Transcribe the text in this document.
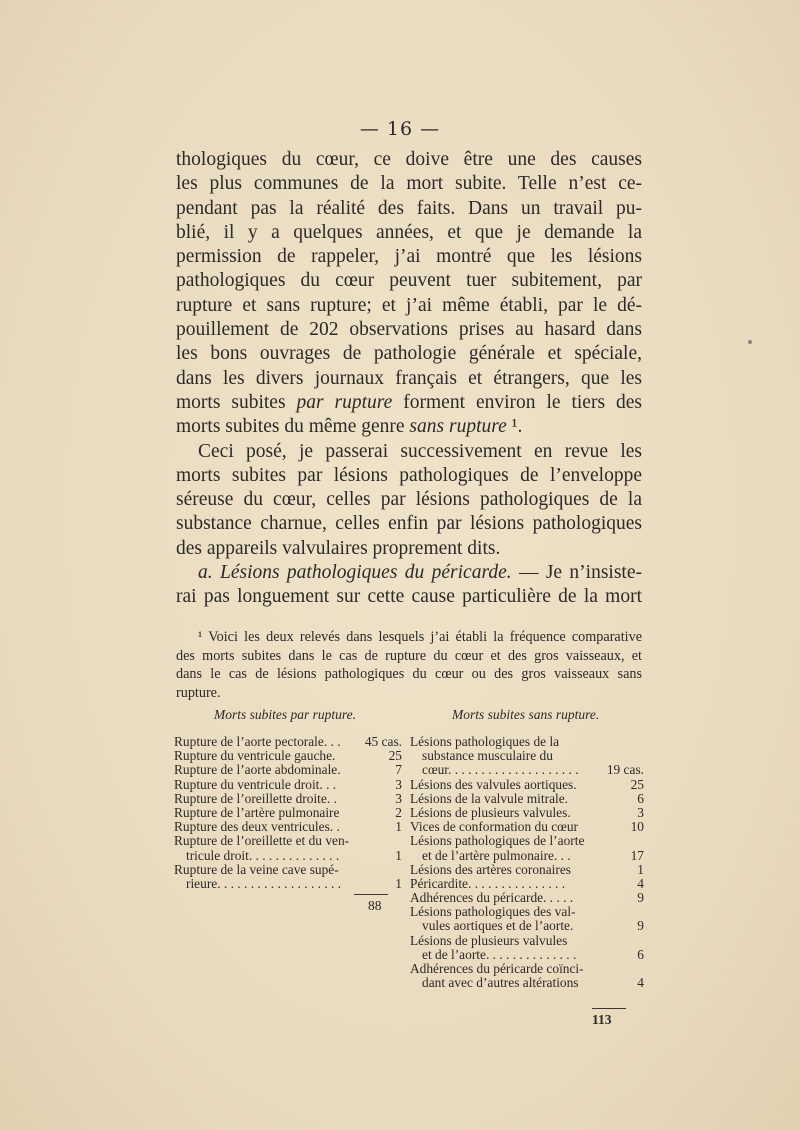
— 16 —
thologiques du cœur, ce doive être une des causes
les plus communes de la mort subite. Telle n’est ce-
pendant pas la réalité des faits. Dans un travail pu-
blié, il y a quelques années, et que je demande la
permission de rappeler, j’ai montré que les lésions
pathologiques du cœur peuvent tuer subitement, par
rupture et sans rupture; et j’ai même établi, par le dé-
pouillement de 202 observations prises au hasard dans
les bons ouvrages de pathologie générale et spéciale,
dans les divers journaux français et étrangers, que les
morts subites par rupture forment environ le tiers des
morts subites du même genre sans rupture ¹.
Ceci posé, je passerai successivement en revue les
morts subites par lésions pathologiques de l’enveloppe
séreuse du cœur, celles par lésions pathologiques de la
substance charnue, celles enfin par lésions pathologiques
des appareils valvulaires proprement dits.
a. Lésions pathologiques du péricarde. — Je n’insiste-
rai pas longuement sur cette cause particulière de la mort
¹ Voici les deux relevés dans lesquels j’ai établi la fréquence comparative
des morts subites dans le cas de rupture du cœur et des gros vaisseaux, et
dans le cas de lésions pathologiques du cœur ou des gros vaisseaux sans
rupture.
Morts subites par rupture.	Morts subites sans rupture.
Rupture de l’aorte pectorale. . . 45 cas.
Rupture du ventricule gauche.	25
Rupture de l’aorte abdominale.	7
Rupture du ventricule droit. . .	3
Rupture de l’oreillette droite. .	3
Rupture de l’artère pulmonaire	2
Rupture des deux ventricules. .	1
Rupture de l’oreillette et du ven-
tricule droit. . . . . . . . . . . . . .	1
Rupture de la veine cave supé-
rieure. . . . . . . . . . . . . . . . . . .	1
Lésions pathologiques de la
substance musculaire du
cœur. . . . . . . . . . . . . . . . . . . . 19 cas.
Lésions des valvules aortiques.	25
Lésions de la valvule mitrale.	6
Lésions de plusieurs valvules.	3
Vices de conformation du cœur	10
Lésions pathologiques de l’aorte
et de l’artère pulmonaire. . .	17
Lésions des artères coronaires	1
Péricardite. . . . . . . . . . . . . . .	4
Adhérences du péricarde. . . . .	9
Lésions pathologiques des val-
vules aortiques et de l’aorte.	9
Lésions de plusieurs valvules
et de l’aorte. . . . . . . . . . . . . .	6
Adhérences du péricarde coïnci-
dant avec d’autres altérations	4
88
113
